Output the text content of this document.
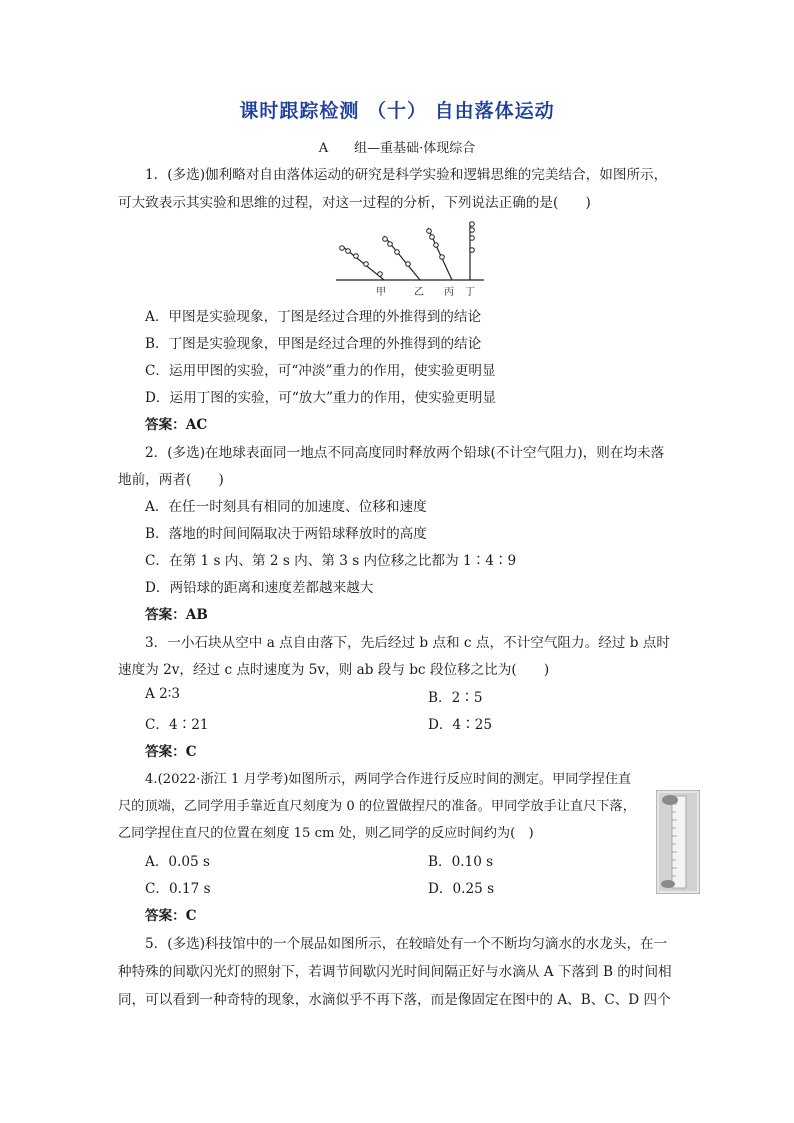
课时跟踪检测 （十） 自由落体运动
A　　组—重基础·体现综合
1．(多选)伽利略对自由落体运动的研究是科学实验和逻辑思维的完美结合，如图所示，
可大致表示其实验和思维的过程，对这一过程的分析，下列说法正确的是(　　)
甲	乙 丙 丁
A．甲图是实验现象，丁图是经过合理的外推得到的结论
B．丁图是实验现象，甲图是经过合理的外推得到的结论
C．运用甲图的实验，可“冲淡”重力的作用，使实验更明显
D．运用丁图的实验，可“放大”重力的作用，使实验更明显
答案：AC
2．(多选)在地球表面同一地点不同高度同时释放两个铅球(不计空气阻力)，则在均未落
地前，两者(　　)
A．在任一时刻具有相同的加速度、位移和速度
B．落地的时间间隔取决于两铅球释放时的高度
C．在第 1 s 内、第 2 s 内、第 3 s 内位移之比都为 1∶4∶9
D．两铅球的距离和速度差都越来越大
答案：AB
3．一小石块从空中 a 点自由落下，先后经过 b 点和 c 点，不计空气阻力。经过 b 点时
速度为 2v，经过 c 点时速度为 5v，则 ab 段与 bc 段位移之比为(　　)
A 2∶3	B．2∶5
C．4∶21	D．4∶25
答案：C
4.(2022·浙江 1 月学考)如图所示，两同学合作进行反应时间的测定。甲同学捏住直
尺的顶端，乙同学用手靠近直尺刻度为 0 的位置做捏尺的准备。甲同学放手让直尺下落，
乙同学捏住直尺的位置在刻度 15 cm 处，则乙同学的反应时间约为(　)
A．0.05 s	B．0.10 s
C．0.17 s	D．0.25 s
答案：C
5．(多选)科技馆中的一个展品如图所示，在较暗处有一个不断均匀滴水的水龙头，在一
种特殊的间歇闪光灯的照射下，若调节间歇闪光时间间隔正好与水滴从 A 下落到 B 的时间相
同，可以看到一种奇特的现象，水滴似乎不再下落，而是像固定在图中的 A、B、C、D 四个
